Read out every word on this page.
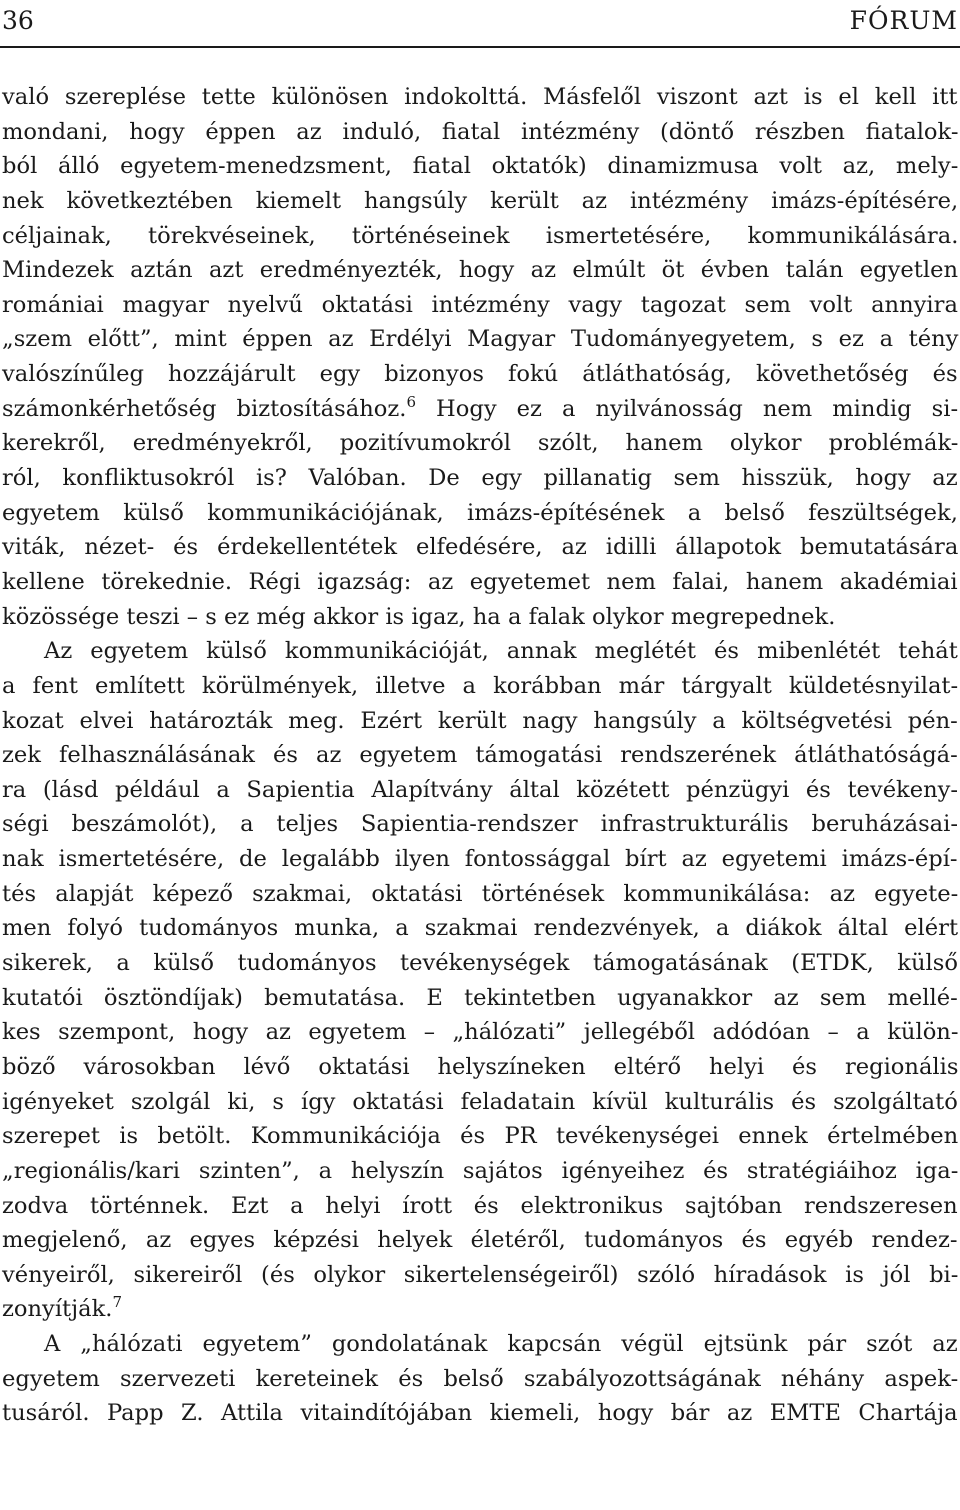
36	FÓRUM
való szereplése tette különösen indokolttá. Másfelől viszont azt is el kell itt
mondani, hogy éppen az induló, fiatal intézmény (döntő részben fiatalok-
ból álló egyetem-menedzsment, fiatal oktatók) dinamizmusa volt az, mely-
nek következtében kiemelt hangsúly került az intézmény imázs-építésére,
céljainak, törekvéseinek, történéseinek ismertetésére, kommunikálására.
Mindezek aztán azt eredményezték, hogy az elmúlt öt évben talán egyetlen
romániai magyar nyelvű oktatási intézmény vagy tagozat sem volt annyira
„szem előtt”, mint éppen az Erdélyi Magyar Tudományegyetem, s ez a tény
valószínűleg hozzájárult egy bizonyos fokú átláthatóság, követhetőség és
számonkérhetőség biztosításához.$^6$ Hogy ez a nyilvánosság nem mindig si-
kerekről, eredményekről, pozitívumokról szólt, hanem olykor problémák-
ról, konfliktusokról is? Valóban. De egy pillanatig sem hisszük, hogy az
egyetem külső kommunikációjának, imázs-építésének a belső feszültségek,
viták, nézet- és érdekellentétek elfedésére, az idilli állapotok bemutatására
kellene törekednie. Régi igazság: az egyetemet nem falai, hanem akadémiai
közössége teszi – s ez még akkor is igaz, ha a falak olykor megrepednek.
Az egyetem külső kommunikációját, annak meglétét és mibenlétét tehát
a fent említett körülmények, illetve a korábban már tárgyalt küldetésnyilat-
kozat elvei határozták meg. Ezért került nagy hangsúly a költségvetési pén-
zek felhasználásának és az egyetem támogatási rendszerének átláthatóságá-
ra (lásd például a Sapientia Alapítvány által közétett pénzügyi és tevékeny-
ségi beszámolót), a teljes Sapientia-rendszer infrastrukturális beruházásai-
nak ismertetésére, de legalább ilyen fontossággal bírt az egyetemi imázs-épí-
tés alapját képező szakmai, oktatási történések kommunikálása: az egyete-
men folyó tudományos munka, a szakmai rendezvények, a diákok által elért
sikerek, a külső tudományos tevékenységek támogatásának (ETDK, külső
kutatói ösztöndíjak) bemutatása. E tekintetben ugyanakkor az sem mellé-
kes szempont, hogy az egyetem – „hálózati” jellegéből adódóan – a külön-
böző városokban lévő oktatási helyszíneken eltérő helyi és regionális
igényeket szolgál ki, s így oktatási feladatain kívül kulturális és szolgáltató
szerepet is betölt. Kommunikációja és PR tevékenységei ennek értelmében
„regionális/kari szinten”, a helyszín sajátos igényeihez és stratégiáihoz iga-
zodva történnek. Ezt a helyi írott és elektronikus sajtóban rendszeresen
megjelenő, az egyes képzési helyek életéről, tudományos és egyéb rendez-
vényeiről, sikereiről (és olykor sikertelenségeiről) szóló híradások is jól bi-
zonyítják.$^7$
A „hálózati egyetem” gondolatának kapcsán végül ejtsünk pár szót az
egyetem szervezeti kereteinek és belső szabályozottságának néhány aspek-
tusáról. Papp Z. Attila vitaindítójában kiemeli, hogy bár az EMTE Chartája
